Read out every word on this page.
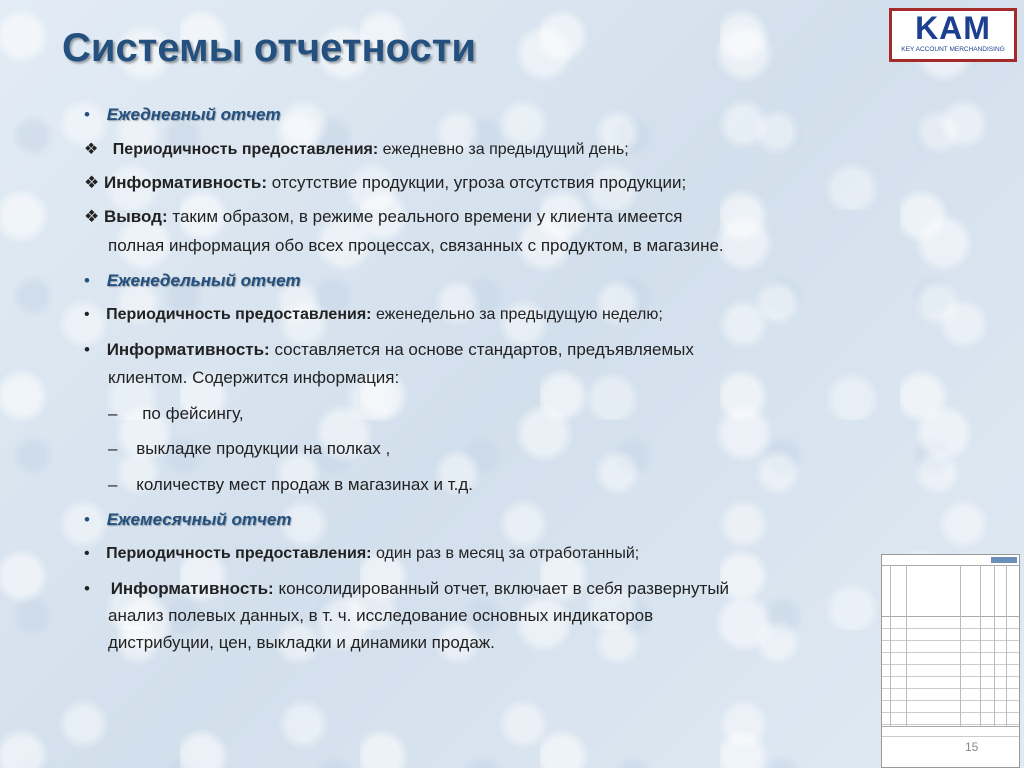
Системы отчетности	KAM
KEY ACCOUNT MERCHANDISING
• Ежедневный отчет
❖ Периодичность предоставления: ежедневно за предыдущий день;
❖ Информативность: отсутствие продукции, угроза отсутствия продукции;
❖ Вывод: таким образом, в режиме реального времени у клиента имеется
полная информация обо всех процессах, связанных с продуктом, в магазине.
• Еженедельный отчет
• Периодичность предоставления: еженедельно за предыдущую неделю;
• Информативность: составляется на основе стандартов, предъявляемых
клиентом. Содержится информация:
– по фейсингу,
– выкладке продукции на полках ,
– количеству мест продаж в магазинах и т.д.
• Ежемесячный отчет
• Периодичность предоставления: один раз в месяц за отработанный;
• Информативность: консолидированный отчет, включает в себя развернутый
анализ полевых данных, в т. ч. исследование основных индикаторов
дистрибуции, цен, выкладки и динамики продаж.
15
